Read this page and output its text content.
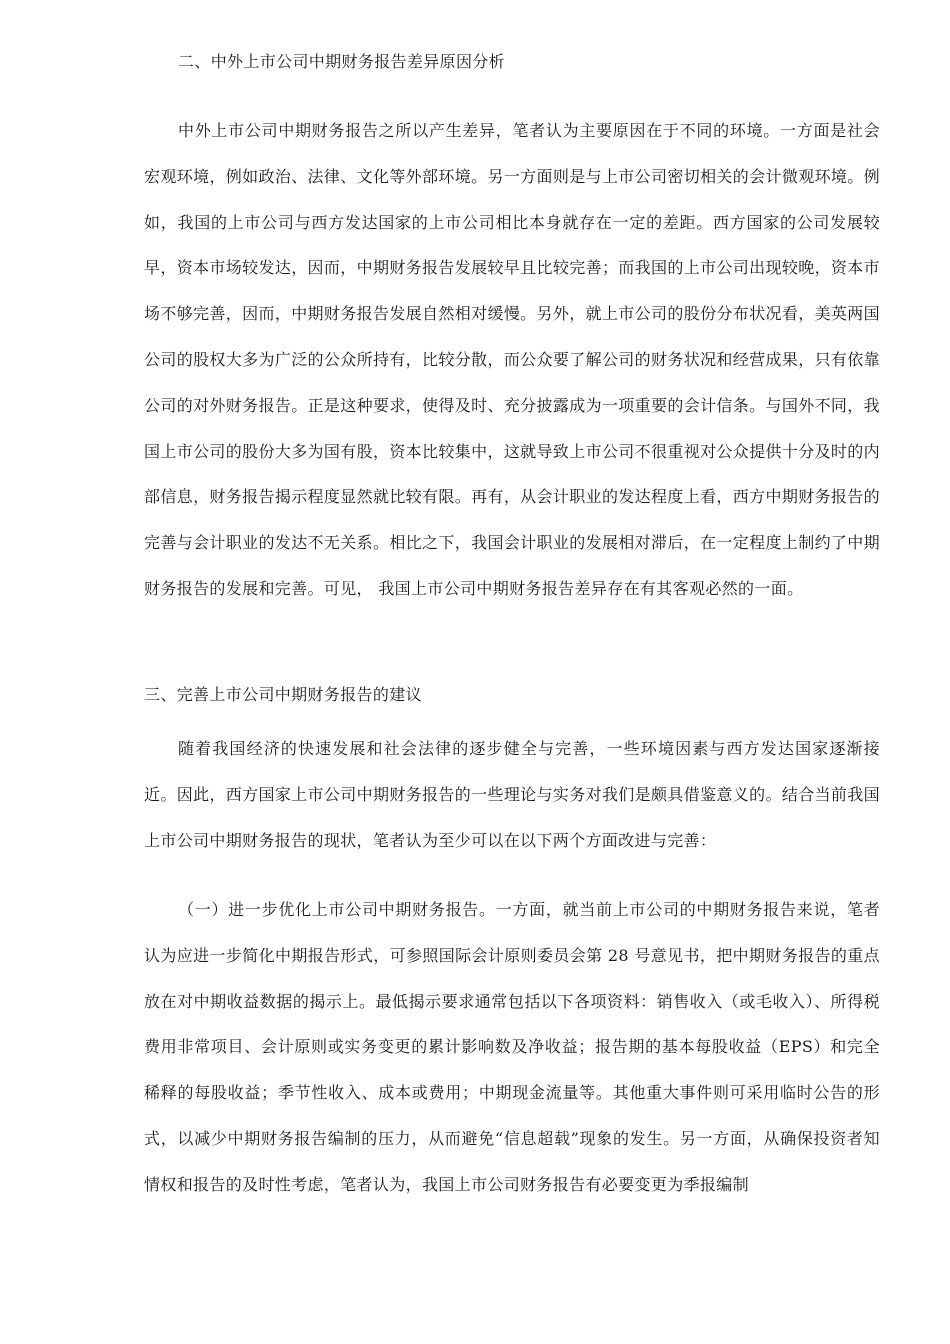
二、中外上市公司中期财务报告差异原因分析

中外上市公司中期财务报告之所以产生差异，笔者认为主要原因在于不同的环境。一方面是社会宏观环境，例如政治、法律、文化等外部环境。另一方面则是与上市公司密切相关的会计微观环境。例如，我国的上市公司与西方发达国家的上市公司相比本身就存在一定的差距。西方国家的公司发展较早，资本市场较发达，因而，中期财务报告发展较早且比较完善；而我国的上市公司出现较晚，资本市场不够完善，因而，中期财务报告发展自然相对缓慢。另外，就上市公司的股份分布状况看，美英两国公司的股权大多为广泛的公众所持有，比较分散，而公众要了解公司的财务状况和经营成果，只有依靠公司的对外财务报告。正是这种要求，使得及时、充分披露成为一项重要的会计信条。与国外不同，我国上市公司的股份大多为国有股，资本比较集中，这就导致上市公司不很重视对公众提供十分及时的内部信息，财务报告揭示程度显然就比较有限。再有，从会计职业的发达程度上看，西方中期财务报告的完善与会计职业的发达不无关系。相比之下，我国会计职业的发展相对滞后，在一定程度上制约了中期财务报告的发展和完善。可见， 我国上市公司中期财务报告差异存在有其客观必然的一面。

三、完善上市公司中期财务报告的建议

随着我国经济的快速发展和社会法律的逐步健全与完善，一些环境因素与西方发达国家逐渐接近。因此，西方国家上市公司中期财务报告的一些理论与实务对我们是颇具借鉴意义的。结合当前我国上市公司中期财务报告的现状，笔者认为至少可以在以下两个方面改进与完善：

（一）进一步优化上市公司中期财务报告。一方面，就当前上市公司的中期财务报告来说，笔者认为应进一步简化中期报告形式，可参照国际会计原则委员会第 28 号意见书，把中期财务报告的重点放在对中期收益数据的揭示上。最低揭示要求通常包括以下各项资料：销售收入（或毛收入）、所得税费用非常项目、会计原则或实务变更的累计影响数及净收益；报告期的基本每股收益（EPS）和完全稀释的每股收益；季节性收入、成本或费用；中期现金流量等。其他重大事件则可采用临时公告的形式，以减少中期财务报告编制的压力，从而避免“信息超载”现象的发生。另一方面，从确保投资者知情权和报告的及时性考虑，笔者认为，我国上市公司财务报告有必要变更为季报编制
